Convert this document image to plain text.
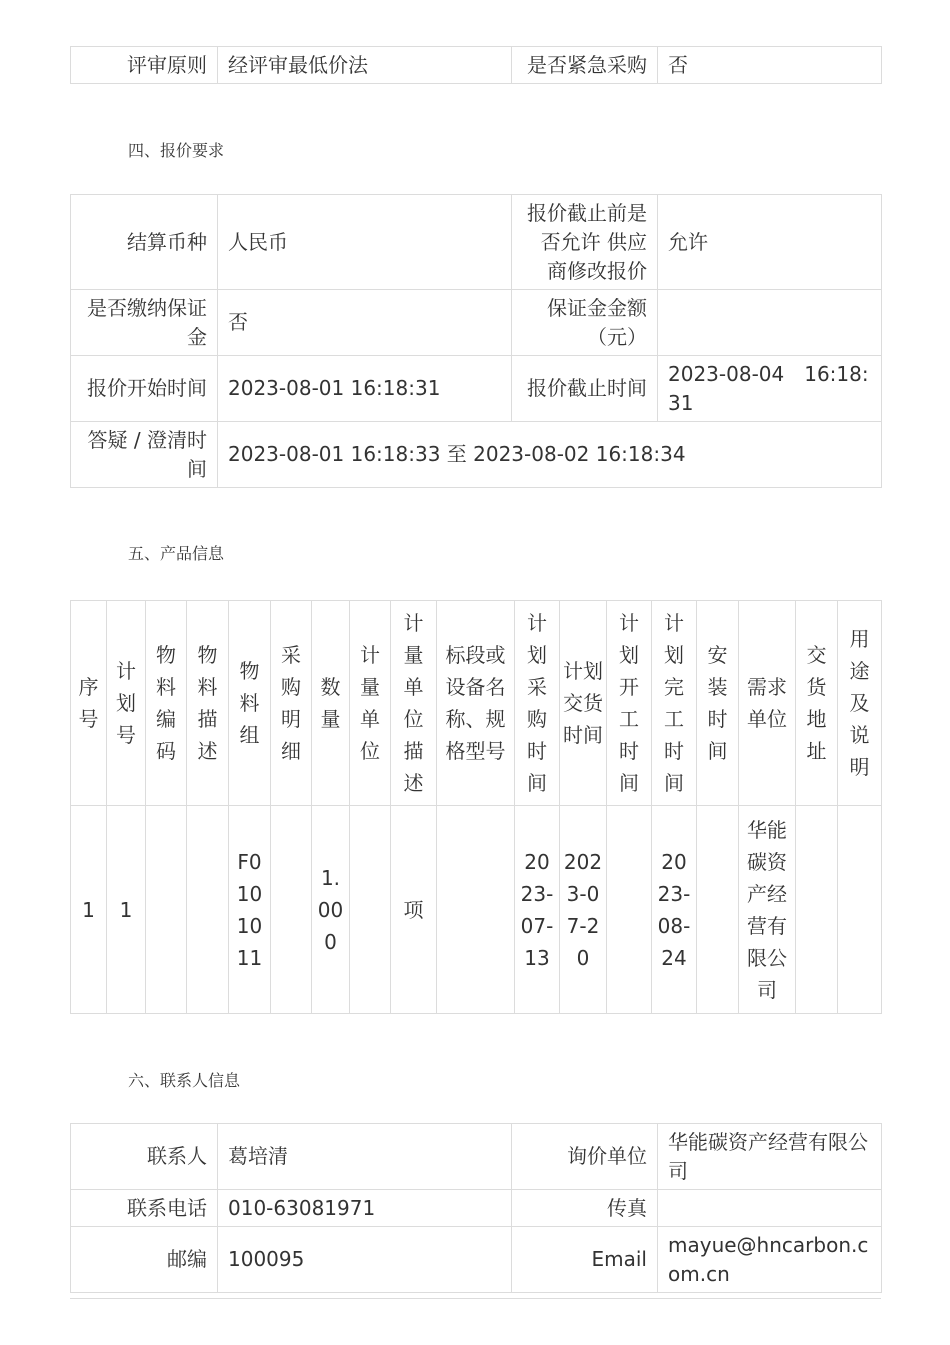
评审原则	经评审最低价法	是否紧急采购	否
四、报价要求
结算币种	人民币	报价截止前是否允许 供应商修改报价	允许
是否缴纳保证金	否	保证金金额（元）	
报价开始时间	2023-08-01 16:18:31	报价截止时间	2023-08-04　16:18:31
答疑 / 澄清时间	2023-08-01 16:18:33 至 2023-08-02 16:18:34		
五、产品信息
序号	计划号	物料编码	物料描述	物料组	采购明细	数量	计量单位	计量单位描述	标段或设备名称、规格型号	计划采购时间	计划交货时间	计划开工时间	计划完工时间	安装时间	需求单位	交货地址	用途及说明
1	1			F0101011		1.000		项		2023-07-13	2023-07-20		2023-08-24		华能碳资产经营有限公司		
六、联系人信息
联系人	葛培清	询价单位	华能碳资产经营有限公司
联系电话	010-63081971	传真	
邮编	100095	Email	mayue@hncarbon.com.cn
